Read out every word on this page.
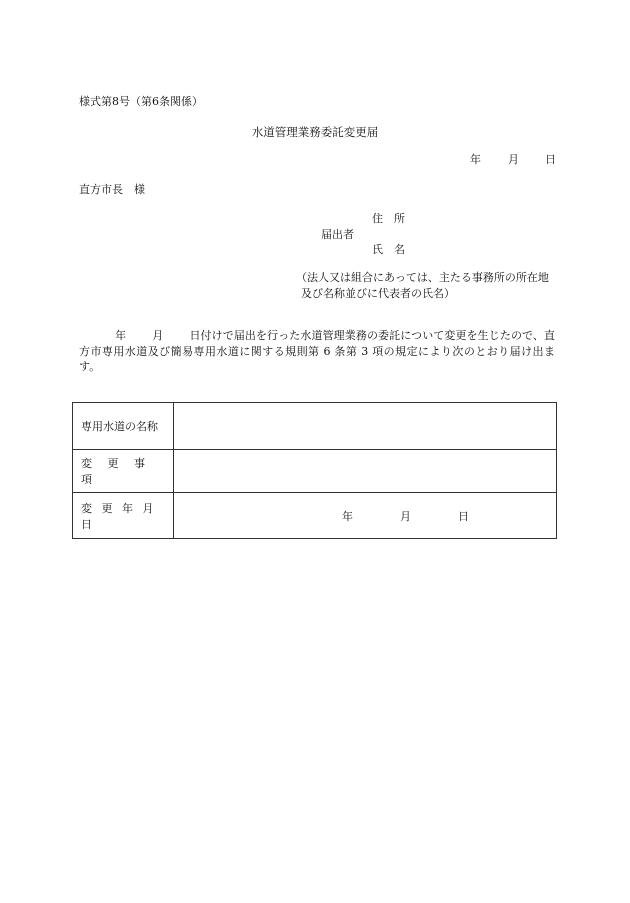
様式第8号（第6条関係）
水道管理業務委託変更届
年 月 日
直方市長　様
住　所
届出者
氏　名
（法人又は組合にあっては、主たる事務所の所在地
及び名称並びに代表者の氏名）
年 月 日付けで届出を行った水道管理業務の委託について変更を生じたので、直方市専用水道及び簡易専用水道に関する規則第 6 条第 3 項の規定により次のとおり届け出ます。
専用水道の名称	
変 更 事 項	
変 更 年 月 日	年 月 日
